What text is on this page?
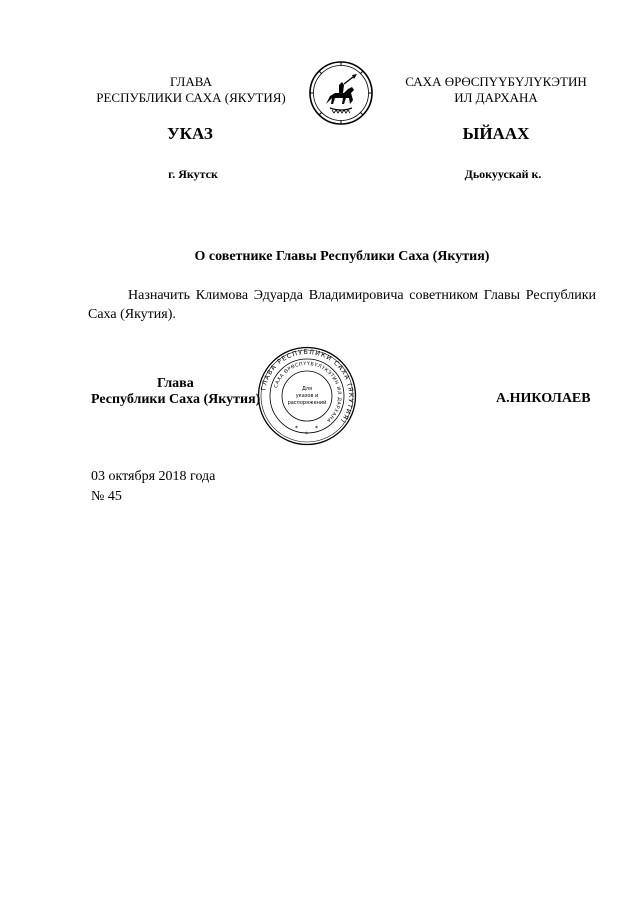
ГЛАВА
РЕСПУБЛИКИ САХА (ЯКУТИЯ)
САХА ӨРӨСПҮҮБҮЛҮКЭТИН
ИЛ ДАРХАНА
УКАЗ	ЫЙААХ
г. Якутск	Дьокуускай к.
О советнике Главы Республики Саха (Якутия)
Назначить Климова Эдуарда Владимировича советником Главы Республики Саха (Якутия).
Глава
Республики Саха (Якутия)	А.НИКОЛАЕВ
ГЛАВА РЕСПУБЛИКИ САХА (ЯКУТИЯ)
САХА ӨРӨСПҮҮБҮЛҮКЭТИН ИЛ ДАРХАНА
Для
указов и
распоряжений
*	*
*
03 октября 2018 года
№ 45
